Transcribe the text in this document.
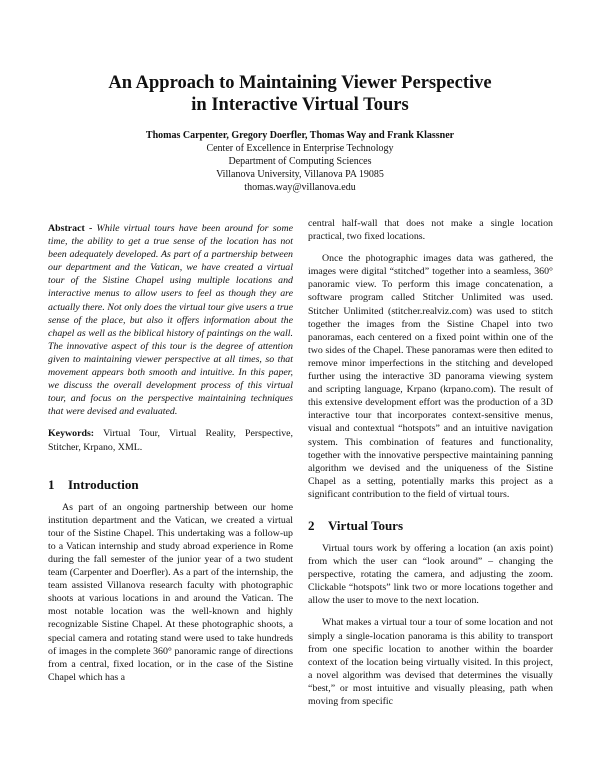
An Approach to Maintaining Viewer Perspective
in Interactive Virtual Tours
Thomas Carpenter, Gregory Doerfler, Thomas Way and Frank Klassner
Center of Excellence in Enterprise Technology
Department of Computing Sciences
Villanova University, Villanova PA 19085
thomas.way@villanova.edu

Abstract - While virtual tours have been around for some time, the ability to get a true sense of the location has not been adequately developed. As part of a partnership between our department and the Vatican, we have created a virtual tour of the Sistine Chapel using multiple locations and interactive menus to allow users to feel as though they are actually there. Not only does the virtual tour give users a true sense of the place, but also it offers information about the chapel as well as the biblical history of paintings on the wall. The innovative aspect of this tour is the degree of attention given to maintaining viewer perspective at all times, so that movement appears both smooth and intuitive. In this paper, we discuss the overall development process of this virtual tour, and focus on the perspective maintaining techniques that were devised and evaluated.

Keywords: Virtual Tour, Virtual Reality, Perspective, Stitcher, Krpano, XML.

1 Introduction

As part of an ongoing partnership between our home institution department and the Vatican, we created a virtual tour of the Sistine Chapel. This undertaking was a follow-up to a Vatican internship and study abroad experience in Rome during the fall semester of the junior year of a two student team (Carpenter and Doerfler). As a part of the internship, the team assisted Villanova research faculty with photographic shoots at various locations in and around the Vatican. The most notable location was the well-known and highly recognizable Sistine Chapel. At these photographic shoots, a special camera and rotating stand were used to take hundreds of images in the complete 360° panoramic range of directions from a central, fixed location, or in the case of the Sistine Chapel which has a

central half-wall that does not make a single location practical, two fixed locations.

Once the photographic images data was gathered, the images were digital “stitched” together into a seamless, 360° panoramic view. To perform this image concatenation, a software program called Stitcher Unlimited was used. Stitcher Unlimited (stitcher.realviz.com) was used to stitch together the images from the Sistine Chapel into two panoramas, each centered on a fixed point within one of the two sides of the Chapel. These panoramas were then edited to remove minor imperfections in the stitching and developed further using the interactive 3D panorama viewing system and scripting language, Krpano (krpano.com). The result of this extensive development effort was the production of a 3D interactive tour that incorporates context-sensitive menus, visual and contextual “hotspots” and an intuitive navigation system. This combination of features and functionality, together with the innovative perspective maintaining panning algorithm we devised and the uniqueness of the Sistine Chapel as a setting, potentially marks this project as a significant contribution to the field of virtual tours.

2 Virtual Tours

Virtual tours work by offering a location (an axis point) from which the user can “look around” – changing the perspective, rotating the camera, and adjusting the zoom. Clickable “hotspots” link two or more locations together and allow the user to move to the next location.

What makes a virtual tour a tour of some location and not simply a single-location panorama is this ability to transport from one specific location to another within the boarder context of the location being virtually visited. In this project, a novel algorithm was devised that determines the visually “best,” or most intuitive and visually pleasing, path when moving from specific
